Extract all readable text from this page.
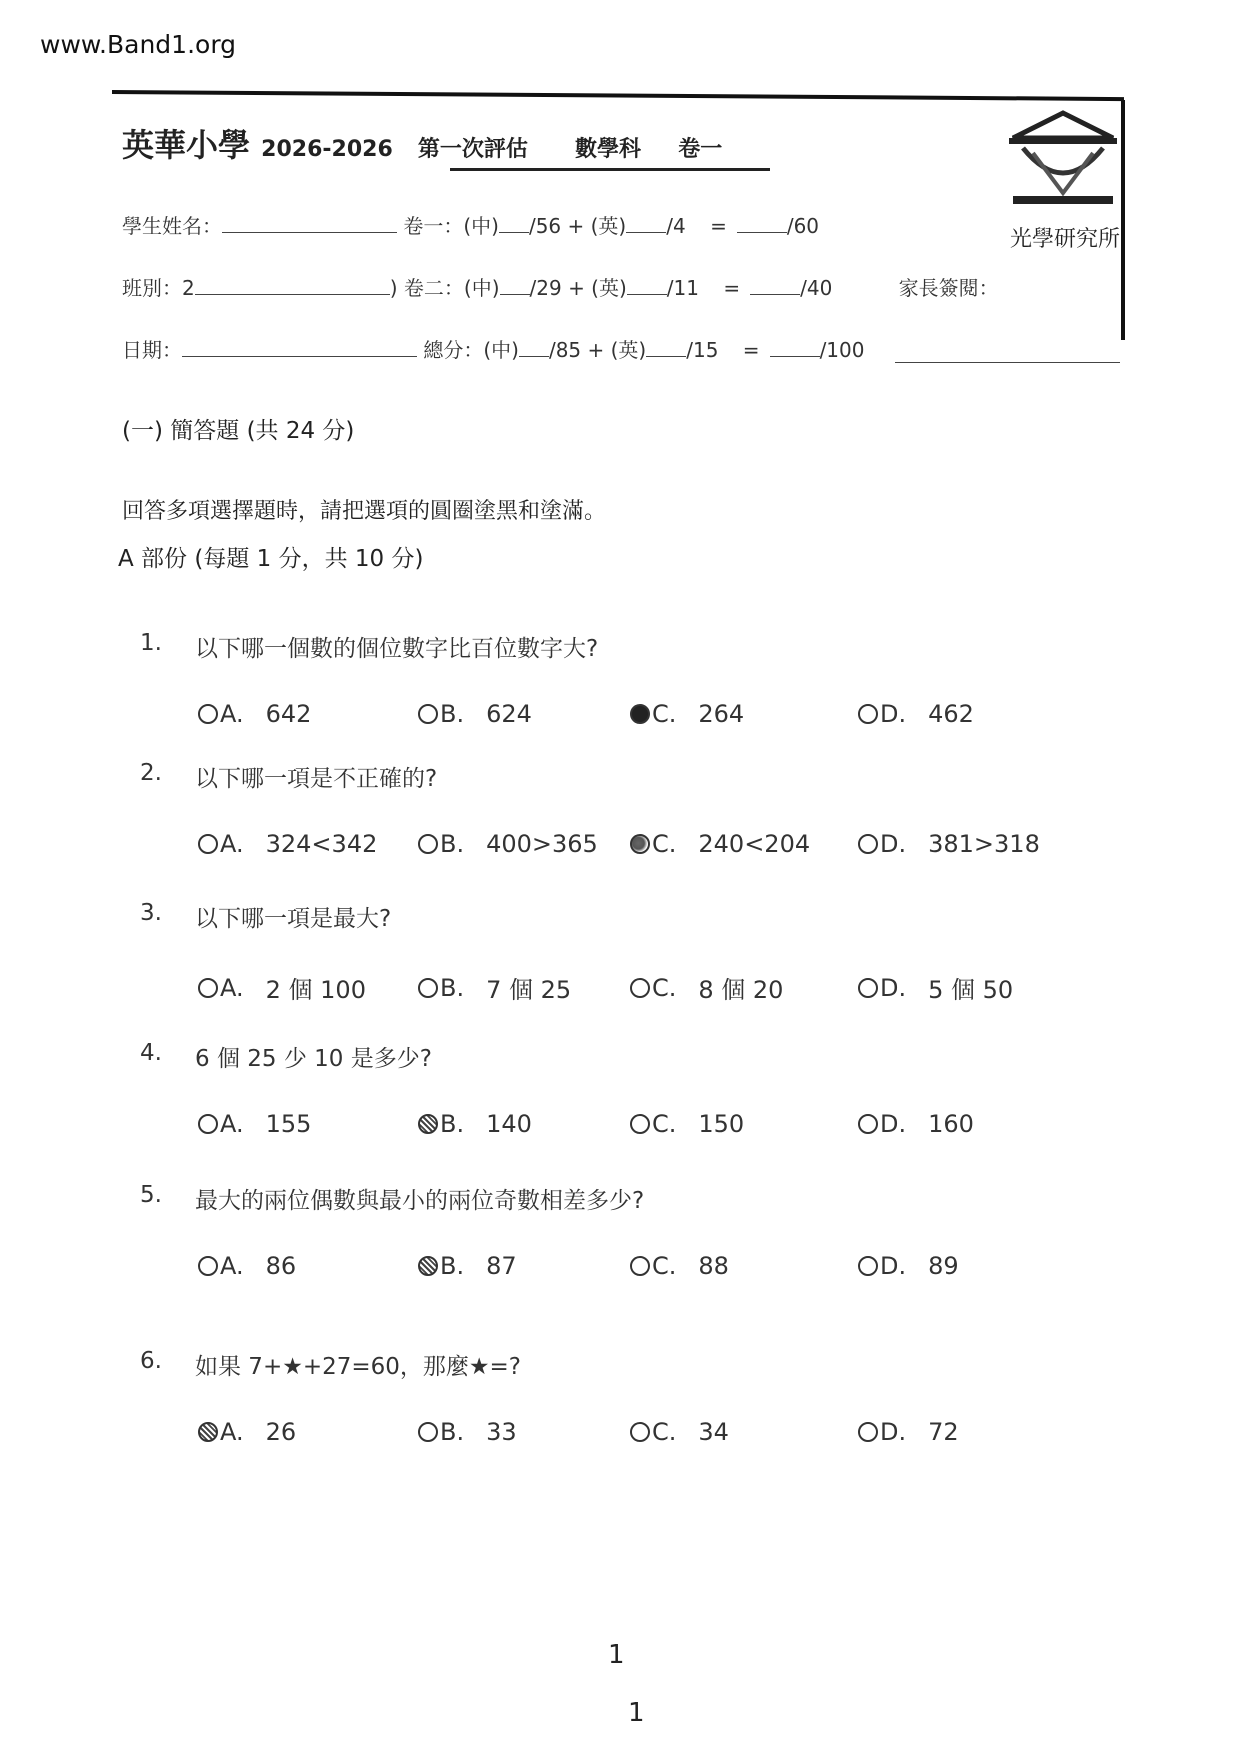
www.Band1.org
英華小學 2026-2026 第一次評估 數學科 卷一
光學研究所
學生姓名：	卷一：(中) /56 + (英) /4 =	/60
班別：2	) 卷二：(中) /29 + (英) /11 =	/40	家長簽閱：
日期：	總分：(中) /85 + (英) /15 =	/100
(一) 簡答題 (共 24 分)
回答多項選擇題時，請把選項的圓圈塗黑和塗滿。
A 部份 (每題 1 分，共 10 分)
1. 以下哪一個數的個位數字比百位數字大?
A. 642	B. 624	C. 264	D. 462
2. 以下哪一項是不正確的?
A. 324<342	B. 400>365 C. 240<204	D. 381>318
3. 以下哪一項是最大?
A. 2 個 100	B. 7 個 25	C. 8 個 20	D. 5 個 50
4. 6 個 25 少 10 是多少?
A. 155	B. 140	C. 150	D. 160
5. 最大的兩位偶數與最小的兩位奇數相差多少?
A. 86	B. 87	C. 88	D. 89
6. 如果 7+★+27=60，那麼★=?
A. 26	B. 33	C. 34	D. 72
1
1
